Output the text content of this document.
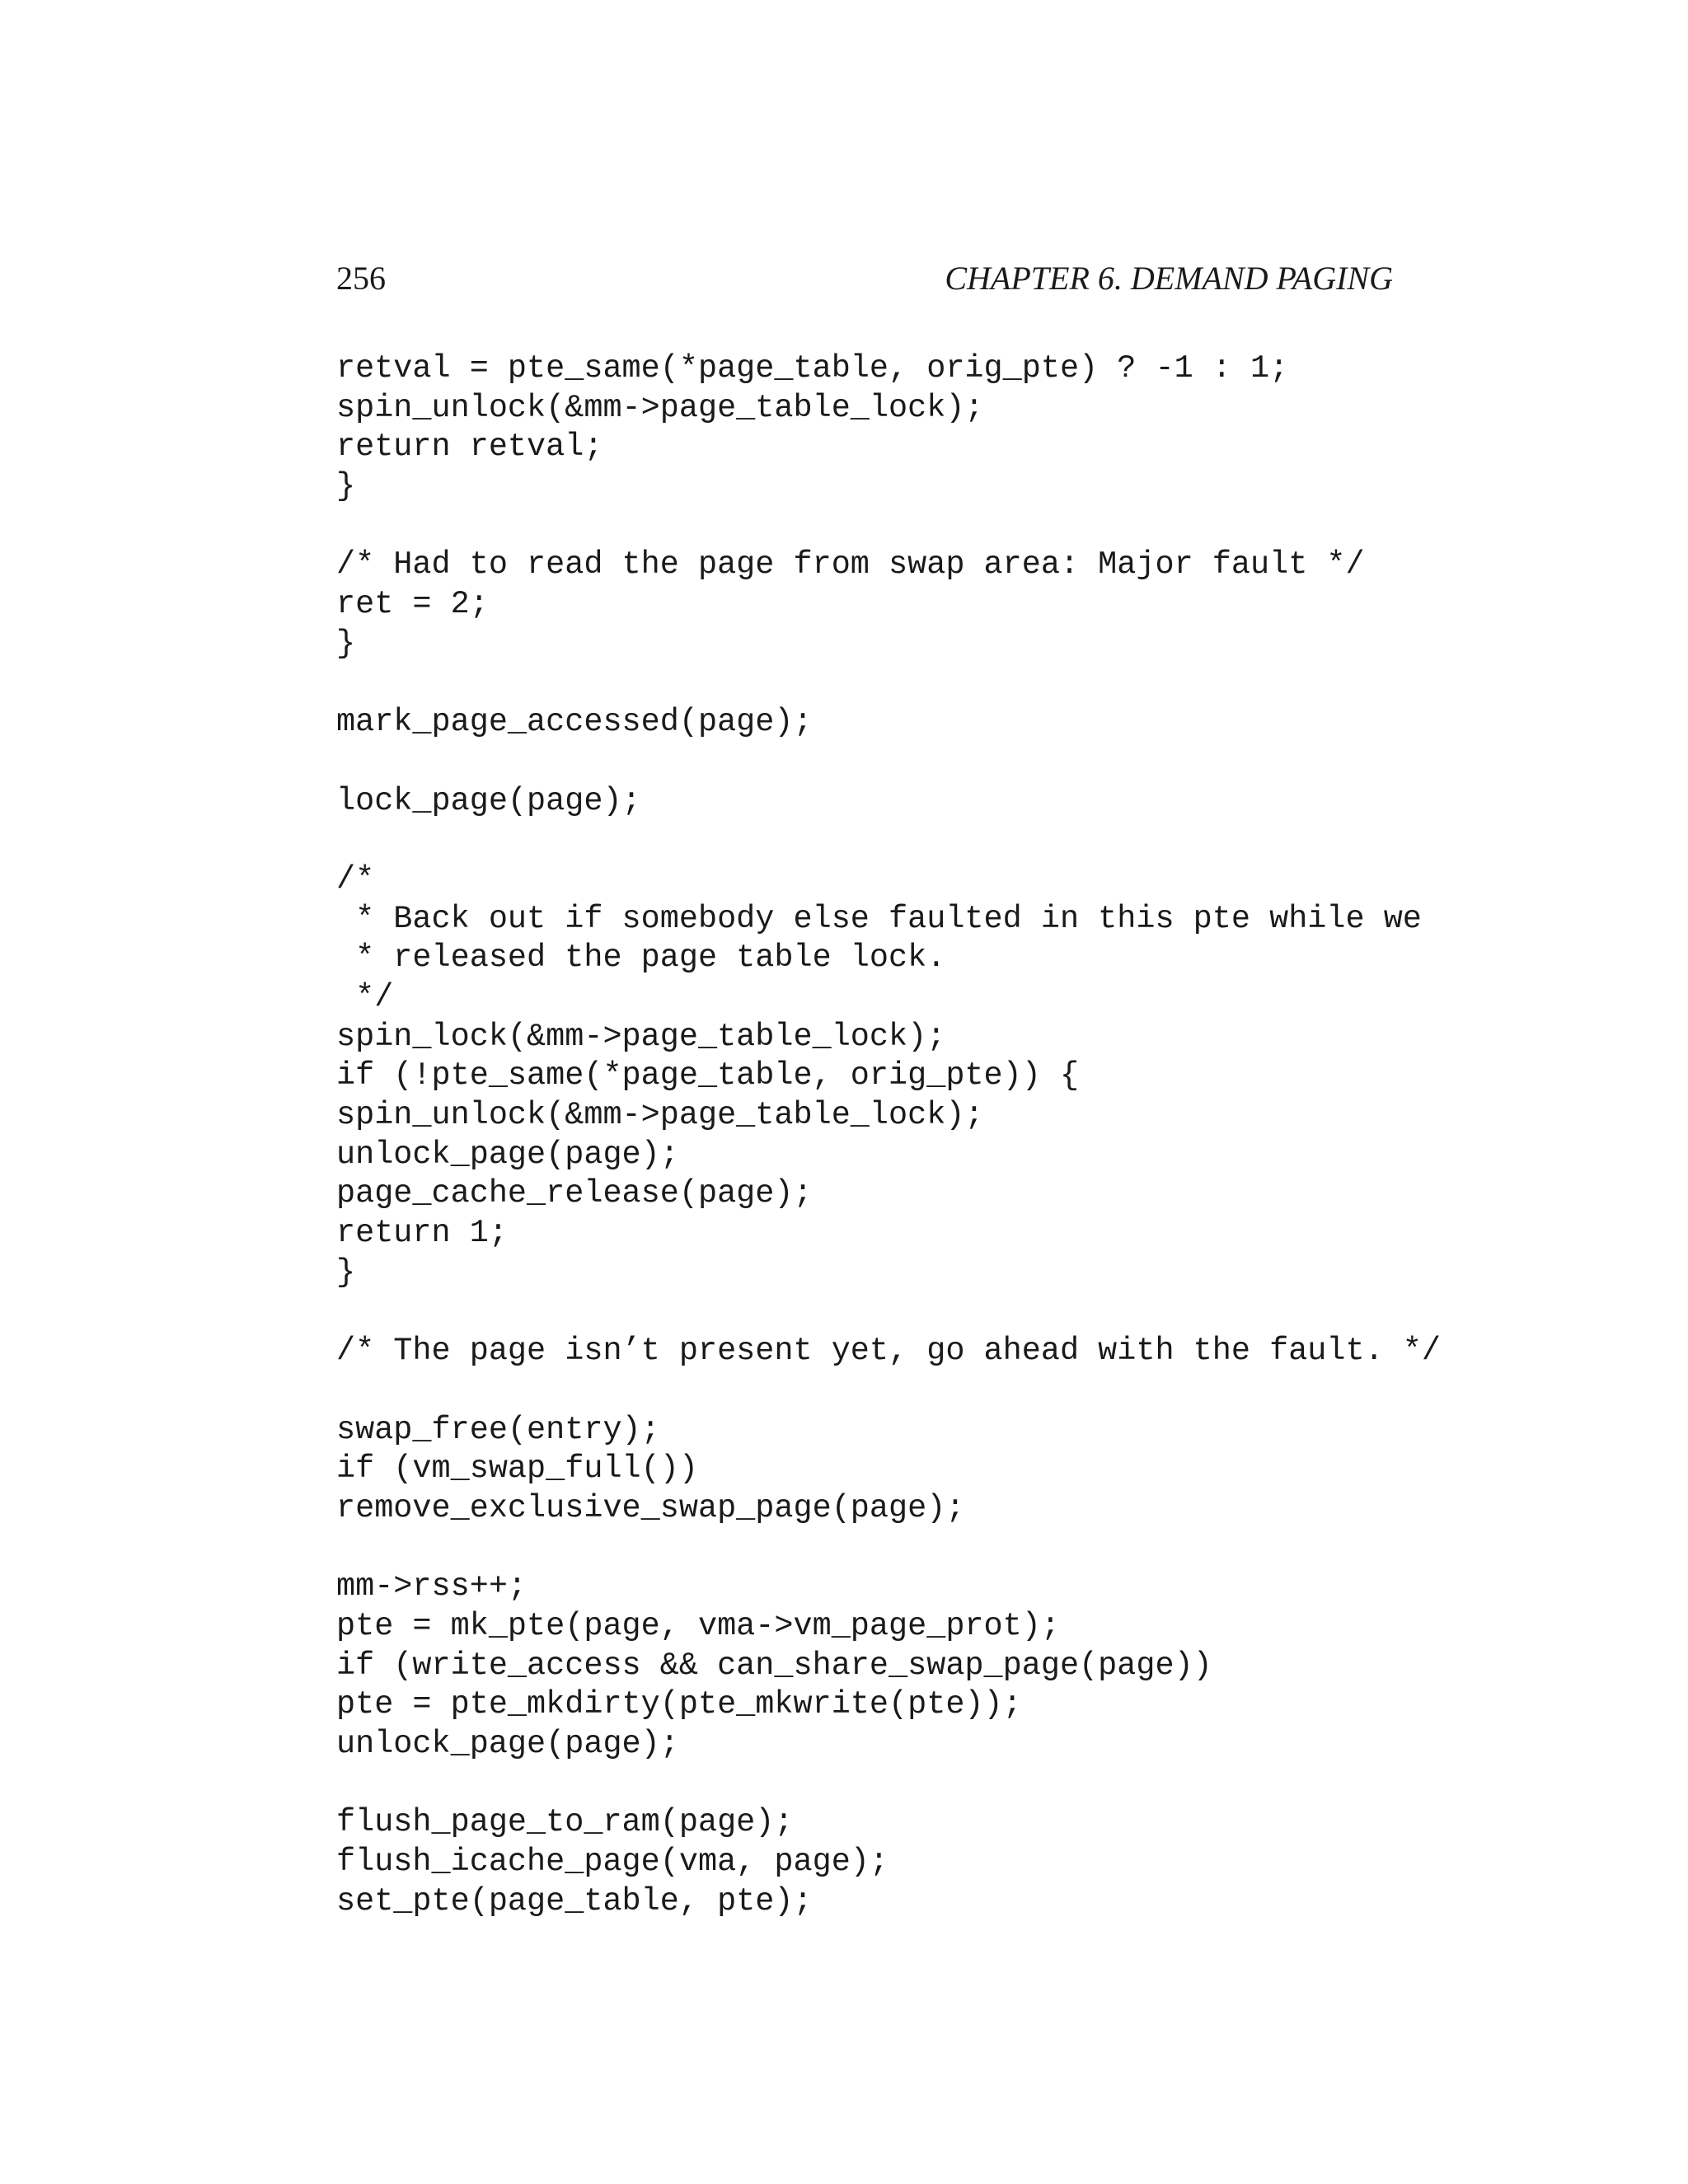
256	CHAPTER 6. DEMAND PAGING
retval = pte_same(*page_table, orig_pte) ? -1 : 1;
spin_unlock(&mm->page_table_lock);
return retval;
}
/* Had to read the page from swap area: Major fault */
ret = 2;
}
mark_page_accessed(page);
lock_page(page);
/*
* Back out if somebody else faulted in this pte while we
* released the page table lock.
*/
spin_lock(&mm->page_table_lock);
if (!pte_same(*page_table, orig_pte)) {
spin_unlock(&mm->page_table_lock);
unlock_page(page);
page_cache_release(page);
return 1;
}
/* The page isn’t present yet, go ahead with the fault. */
swap_free(entry);
if (vm_swap_full())
remove_exclusive_swap_page(page);
mm->rss++;
pte = mk_pte(page, vma->vm_page_prot);
if (write_access && can_share_swap_page(page))
pte = pte_mkdirty(pte_mkwrite(pte));
unlock_page(page);
flush_page_to_ram(page);
flush_icache_page(vma, page);
set_pte(page_table, pte);
